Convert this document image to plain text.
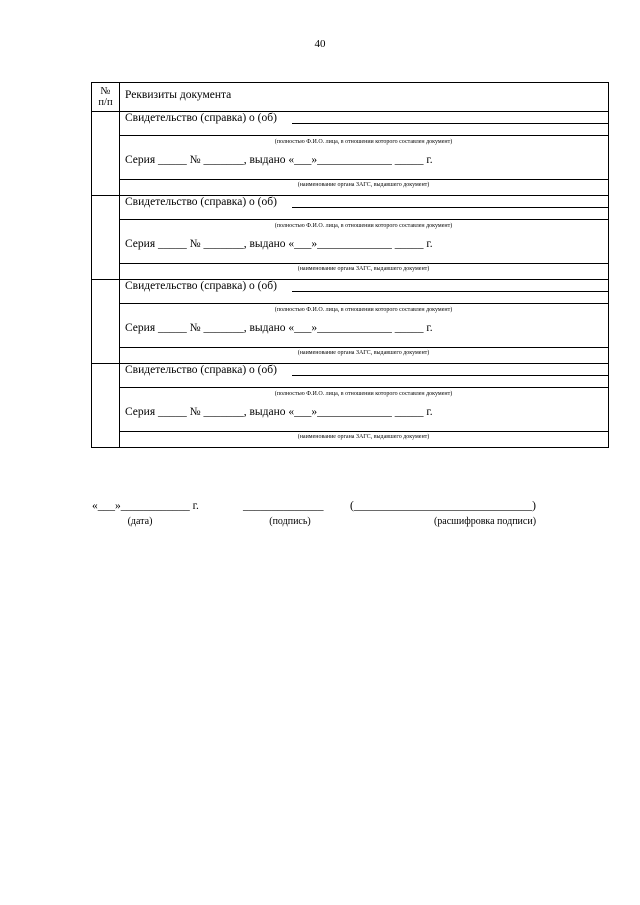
40
№
п/п
Реквизиты документа
Свидетельство (справка) о (об)
(полностью Ф.И.О. лица, в отношении которого составлен документ)
Серия _____ № _______, выдано «___»_____________ _____ г.
(наименование органа ЗАГС, выдавшего документ)
Свидетельство (справка) о (об)
(полностью Ф.И.О. лица, в отношении которого составлен документ)
Серия _____ № _______, выдано «___»_____________ _____ г.
(наименование органа ЗАГС, выдавшего документ)
Свидетельство (справка) о (об)
(полностью Ф.И.О. лица, в отношении которого составлен документ)
Серия _____ № _______, выдано «___»_____________ _____ г.
(наименование органа ЗАГС, выдавшего документ)
Свидетельство (справка) о (об)
(полностью Ф.И.О. лица, в отношении которого составлен документ)
Серия _____ № _______, выдано «___»_____________ _____ г.
(наименование органа ЗАГС, выдавшего документ)
«___»____________ г.	______________ (_______________________________)
(дата)	(подпись)	(расшифровка подписи)
